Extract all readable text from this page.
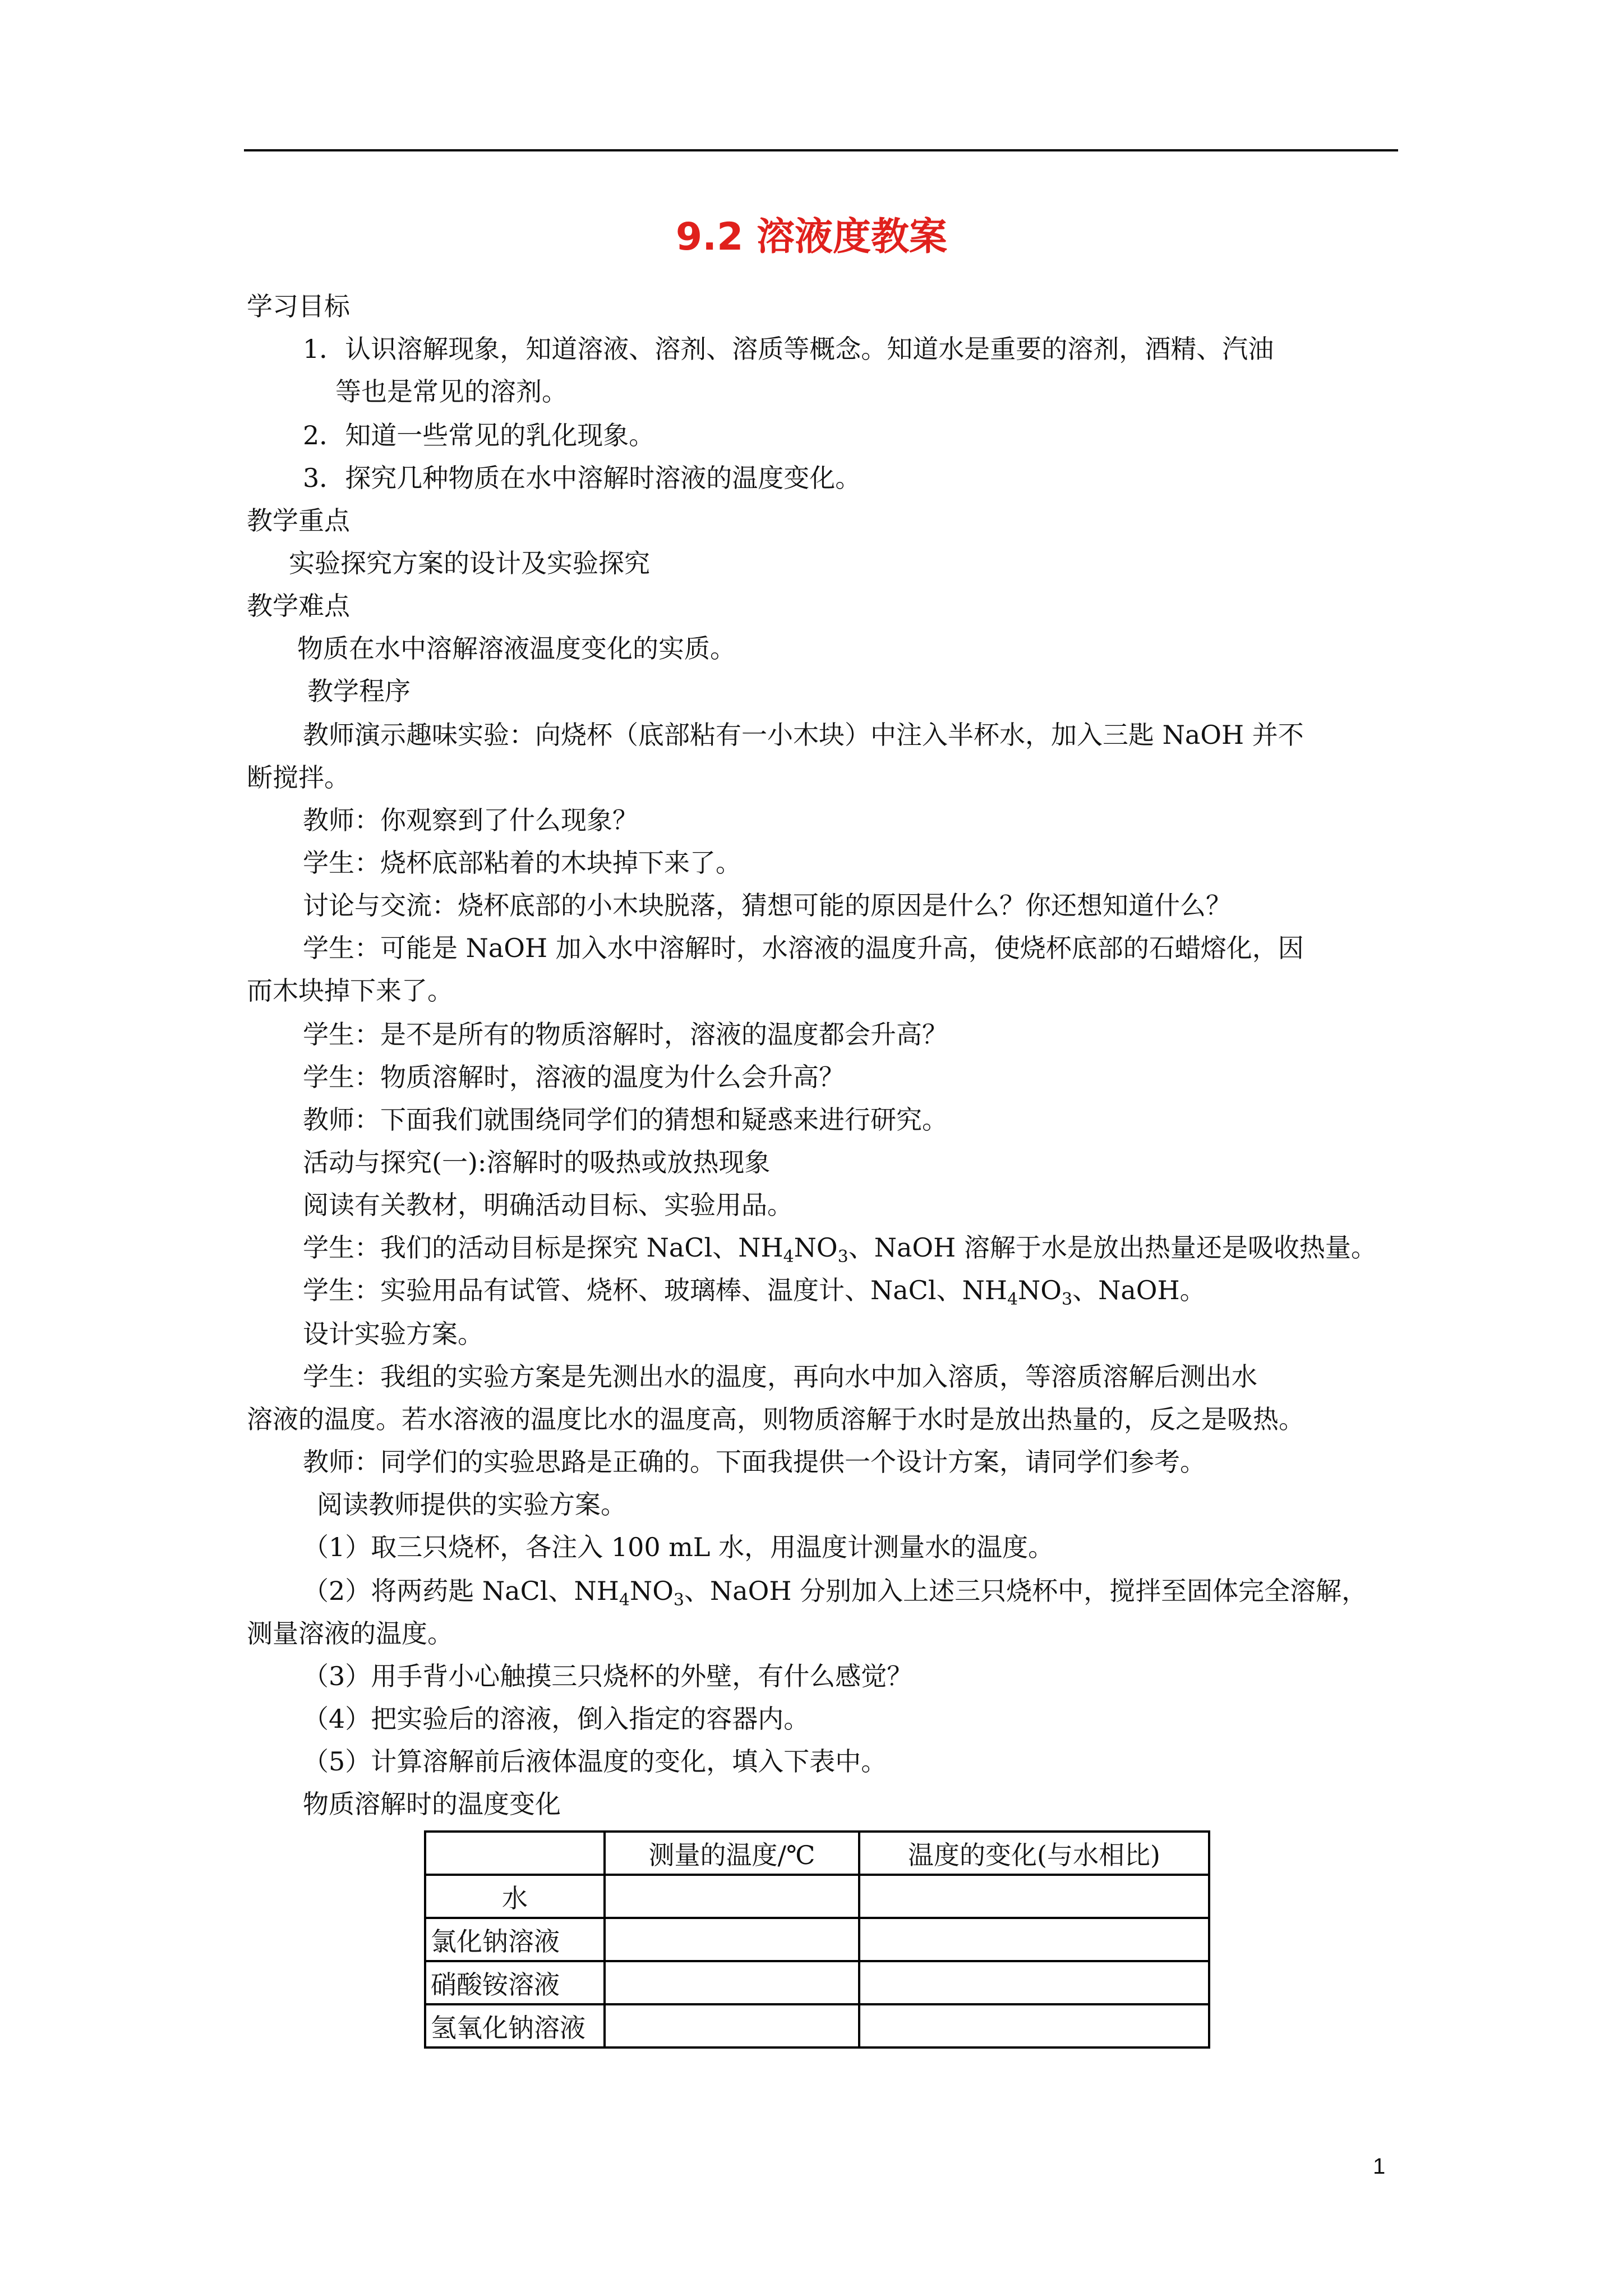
9.2 溶液度教案
学习目标
1．认识溶解现象，知道溶液、溶剂、溶质等概念。知道水是重要的溶剂，酒精、汽油
等也是常见的溶剂。
2．知道一些常见的乳化现象。
3．探究几种物质在水中溶解时溶液的温度变化。
教学重点
实验探究方案的设计及实验探究
教学难点
物质在水中溶解溶液温度变化的实质。
教学程序
教师演示趣味实验：向烧杯（底部粘有一小木块）中注入半杯水，加入三匙 NaOH 并不
断搅拌。
教师：你观察到了什么现象？
学生：烧杯底部粘着的木块掉下来了。
讨论与交流：烧杯底部的小木块脱落，猜想可能的原因是什么？你还想知道什么？
学生：可能是 NaOH 加入水中溶解时，水溶液的温度升高，使烧杯底部的石蜡熔化，因
而木块掉下来了。
学生：是不是所有的物质溶解时，溶液的温度都会升高？
学生：物质溶解时，溶液的温度为什么会升高？
教师：下面我们就围绕同学们的猜想和疑惑来进行研究。
活动与探究(一):溶解时的吸热或放热现象
阅读有关教材，明确活动目标、实验用品。
学生：我们的活动目标是探究 NaCl、$NH_4NO_3$、NaOH 溶解于水是放出热量还是吸收热量。
学生：实验用品有试管、烧杯、玻璃棒、温度计、NaCl、$NH_4NO_3$、NaOH。
设计实验方案。
学生：我组的实验方案是先测出水的温度，再向水中加入溶质，等溶质溶解后测出水
溶液的温度。若水溶液的温度比水的温度高，则物质溶解于水时是放出热量的，反之是吸热。
教师：同学们的实验思路是正确的。下面我提供一个设计方案，请同学们参考。
阅读教师提供的实验方案。
（1）取三只烧杯，各注入 100 mL 水，用温度计测量水的温度。
（2）将两药匙 NaCl、$NH_4NO_3$、NaOH 分别加入上述三只烧杯中，搅拌至固体完全溶解，
测量溶液的温度。
（3）用手背小心触摸三只烧杯的外壁，有什么感觉？
（4）把实验后的溶液，倒入指定的容器内。
（5）计算溶解前后液体温度的变化，填入下表中。
物质溶解时的温度变化
	测量的温度/℃	温度的变化(与水相比)
水		
氯化钠溶液		
硝酸铵溶液		
氢氧化钠溶液		
1
